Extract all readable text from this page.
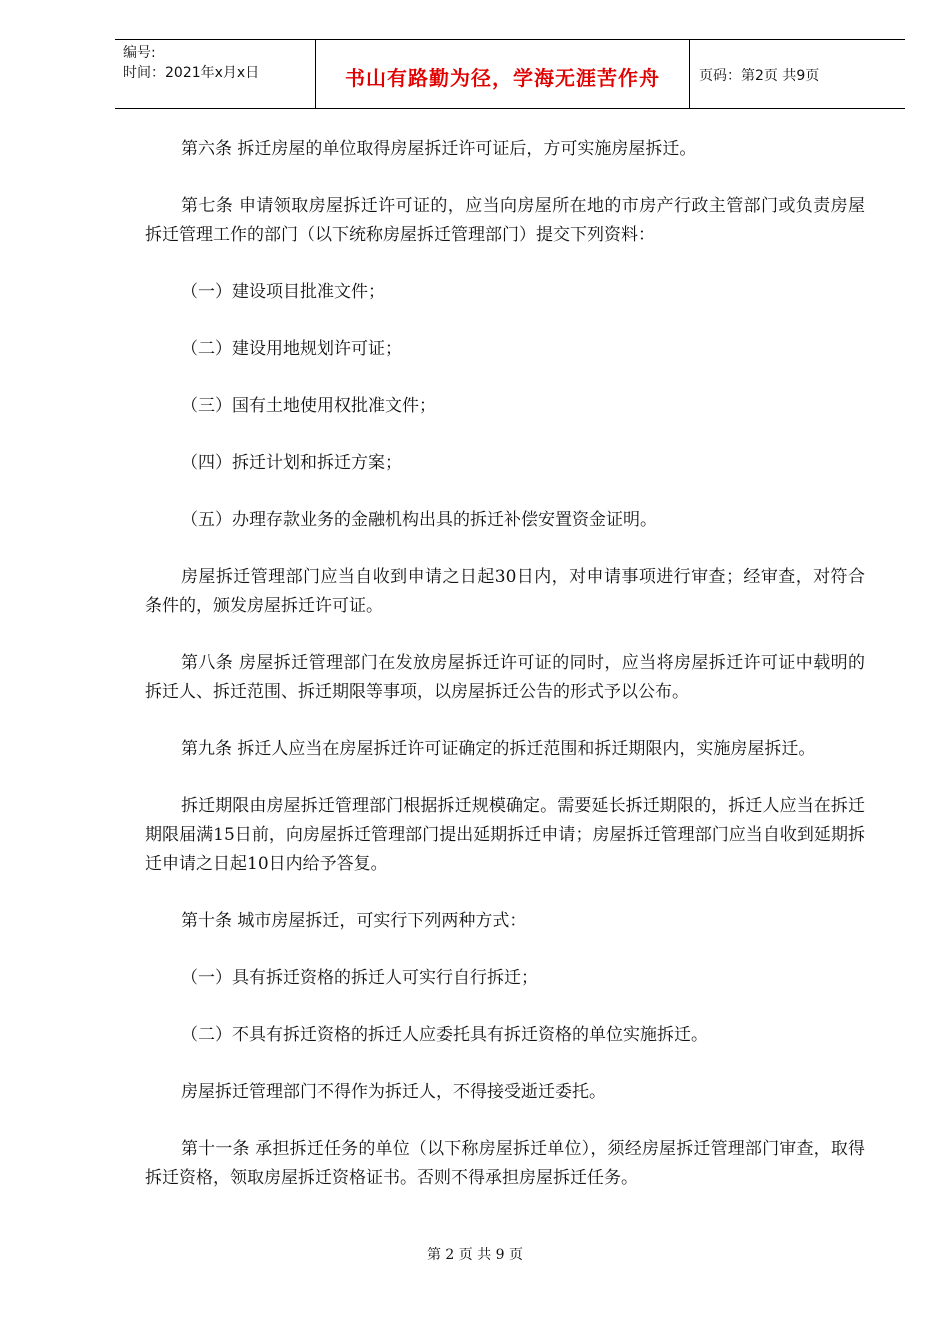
编号:
时间：2021年x月x日	书山有路勤为径，学海无涯苦作舟	页码：第2页 共9页

第六条 拆迁房屋的单位取得房屋拆迁许可证后，方可实施房屋拆迁。

第七条 申请领取房屋拆迁许可证的，应当向房屋所在地的市房产行政主管部门或负责房屋拆迁管理工作的部门（以下统称房屋拆迁管理部门）提交下列资料：

（一）建设项目批准文件；

（二）建设用地规划许可证；

（三）国有土地使用权批准文件；

（四）拆迁计划和拆迁方案；

（五）办理存款业务的金融机构出具的拆迁补偿安置资金证明。

房屋拆迁管理部门应当自收到申请之日起30日内，对申请事项进行审查；经审查，对符合条件的，颁发房屋拆迁许可证。

第八条 房屋拆迁管理部门在发放房屋拆迁许可证的同时，应当将房屋拆迁许可证中载明的拆迁人、拆迁范围、拆迁期限等事项，以房屋拆迁公告的形式予以公布。

第九条 拆迁人应当在房屋拆迁许可证确定的拆迁范围和拆迁期限内，实施房屋拆迁。

拆迁期限由房屋拆迁管理部门根据拆迁规模确定。需要延长拆迁期限的，拆迁人应当在拆迁期限届满15日前，向房屋拆迁管理部门提出延期拆迁申请；房屋拆迁管理部门应当自收到延期拆迁申请之日起10日内给予答复。

第十条 城市房屋拆迁，可实行下列两种方式：

（一）具有拆迁资格的拆迁人可实行自行拆迁；

（二）不具有拆迁资格的拆迁人应委托具有拆迁资格的单位实施拆迁。

房屋拆迁管理部门不得作为拆迁人，不得接受逝迁委托。

第十一条 承担拆迁任务的单位（以下称房屋拆迁单位），须经房屋拆迁管理部门审查，取得拆迁资格，领取房屋拆迁资格证书。否则不得承担房屋拆迁任务。

第 2 页 共 9 页
